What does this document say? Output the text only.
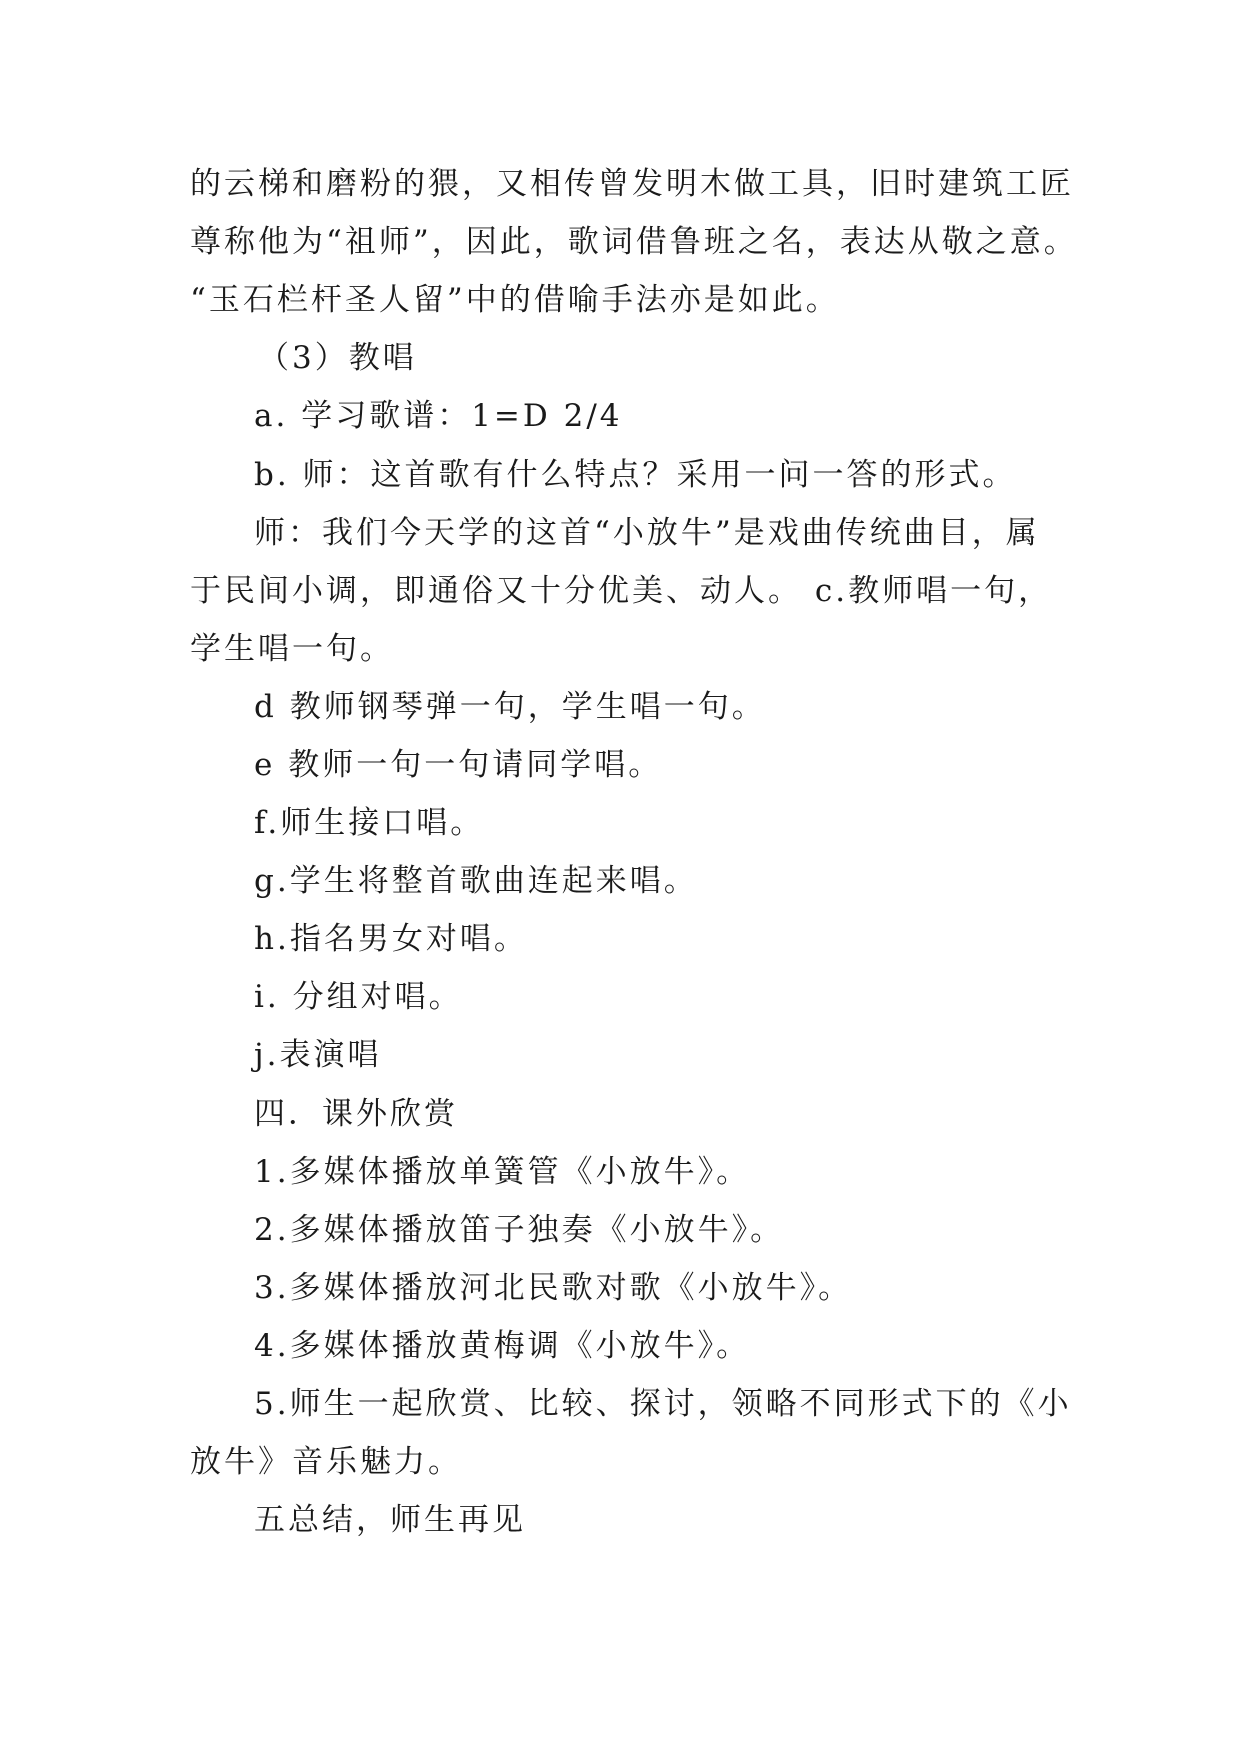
的云梯和磨粉的猥，又相传曾发明木做工具，旧时建筑工匠
尊称他为“祖师”，因此，歌词借鲁班之名，表达从敬之意。
“玉石栏杆圣人留”中的借喻手法亦是如此。
（3）教唱
a. 学习歌谱：1=D 2/4
b. 师：这首歌有什么特点？采用一问一答的形式。
师：我们今天学的这首“小放牛”是戏曲传统曲目，属
于民间小调，即通俗又十分优美、动人。 c.教师唱一句，
学生唱一句。
d 教师钢琴弹一句，学生唱一句。
e 教师一句一句请同学唱。
f.师生接口唱。
g.学生将整首歌曲连起来唱。
h.指名男女对唱。
i. 分组对唱。
j.表演唱
四．课外欣赏
1.多媒体播放单簧管《小放牛》。
2.多媒体播放笛子独奏《小放牛》。
3.多媒体播放河北民歌对歌《小放牛》。
4.多媒体播放黄梅调《小放牛》。
5.师生一起欣赏、比较、探讨，领略不同形式下的《小
放牛》音乐魅力。
五总结，师生再见
